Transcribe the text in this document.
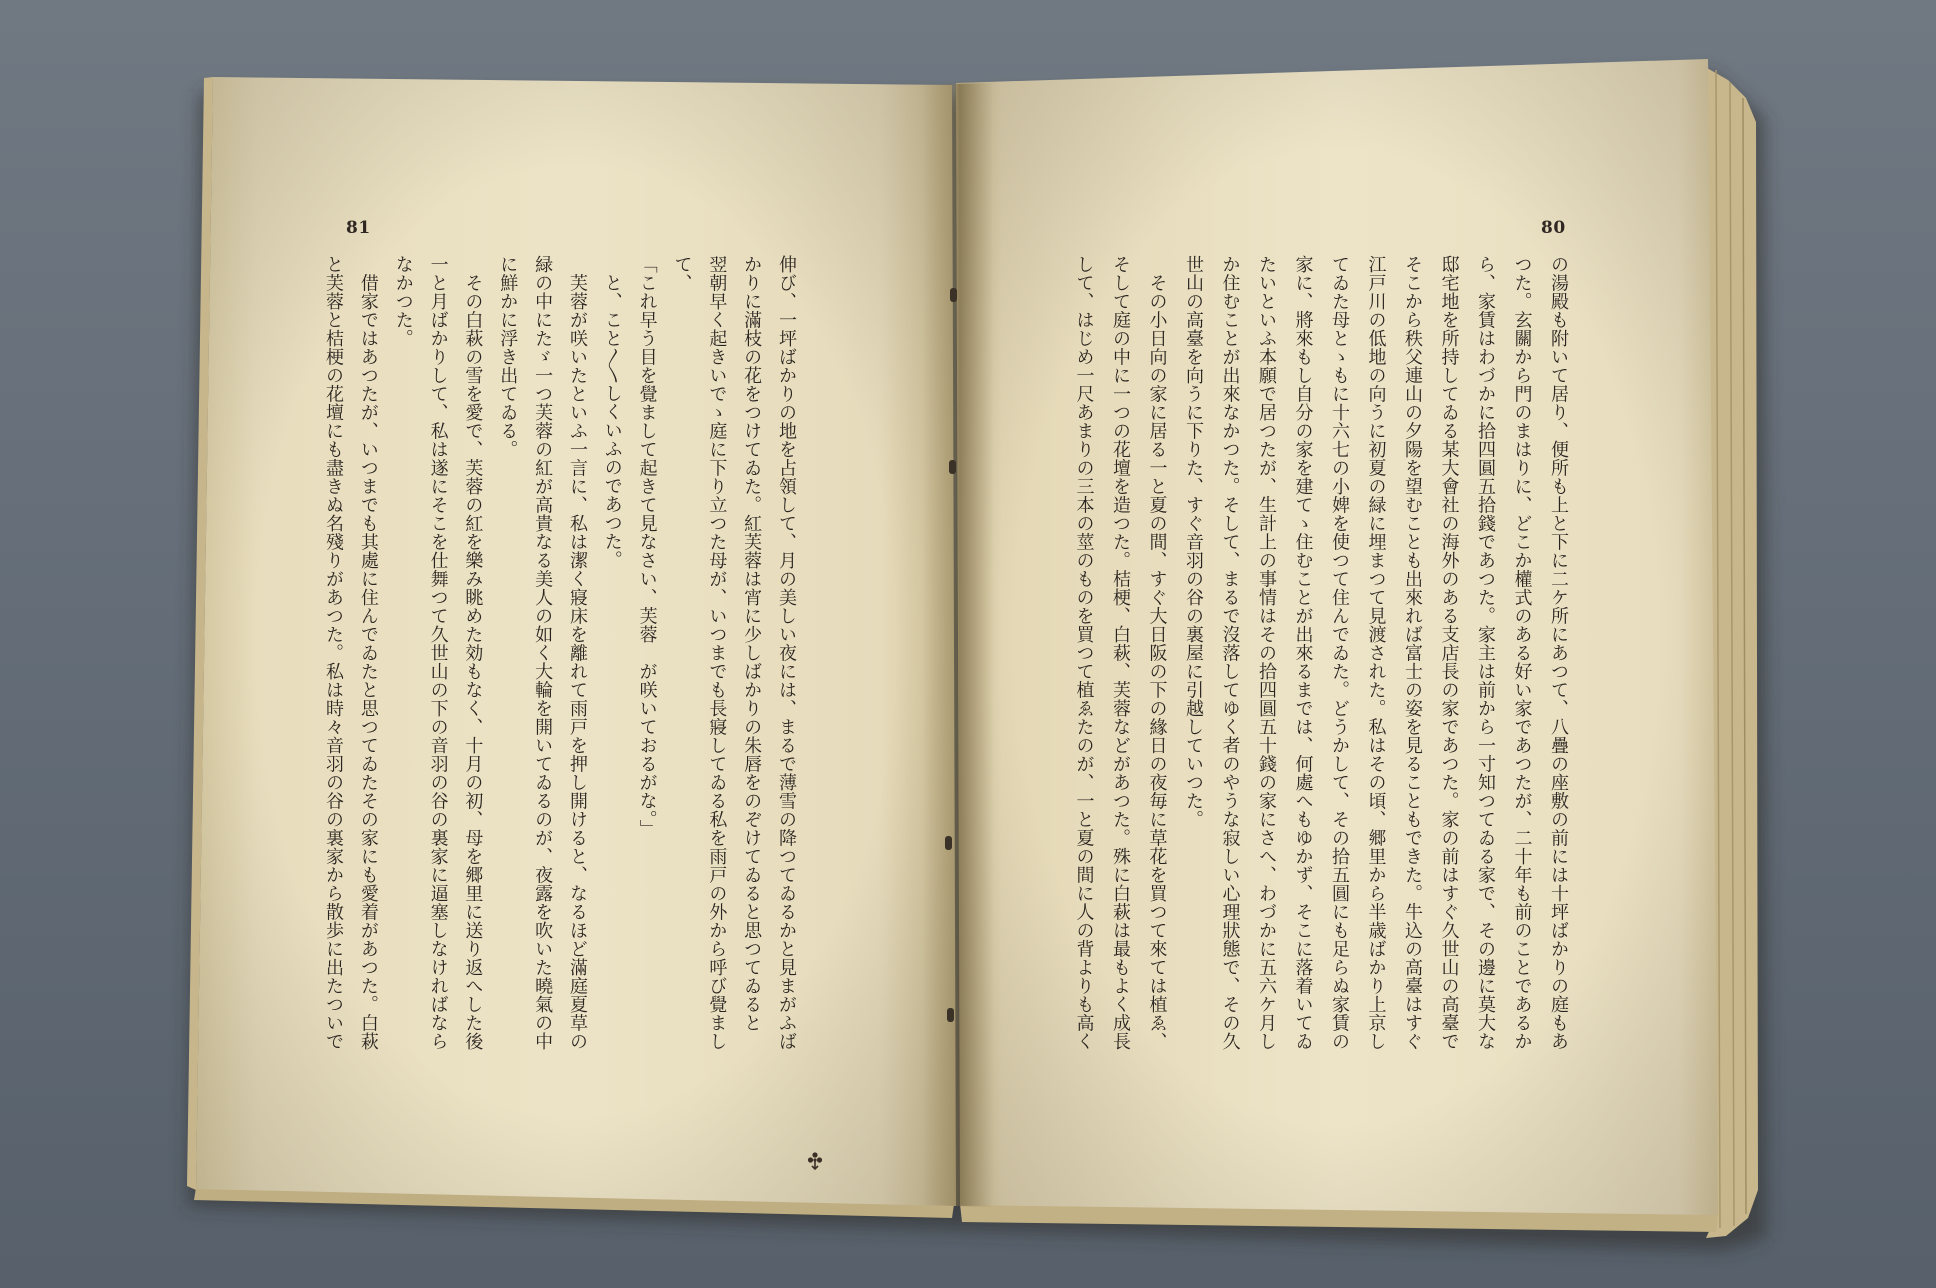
81	80
の湯殿も附いて居り、便所も上と下に二ケ所にあつて、八疊の座敷の前には十坪ばかりの庭もあ
つた。玄關から門のまはりに、どこか權式のある好い家であつたが、二十年も前のことであるか
ら、家賃はわづかに拾四圓五拾錢であつた。家主は前から一寸知つてゐる家で、その邊に莫大な
邸宅地を所持してゐる某大會社の海外のある支店長の家であつた。家の前はすぐ久世山の高臺で
そこから秩父連山の夕陽を望むことも出來れば富士の姿を見ることもできた。牛込の高臺はすぐ
江戸川の低地の向うに初夏の緑に埋まつて見渡された。私はその頃、郷里から半歳ばかり上京し
てゐた母とゝもに十六七の小婢を使つて住んでゐた。どうかして、その拾五圓にも足らぬ家賃の
家に、將來もし自分の家を建てゝ住むことが出來るまでは、何處へもゆかず、そこに落着いてゐ
たいといふ本願で居つたが、生計上の事情はその拾四圓五十錢の家にさへ、わづかに五六ケ月し
か住むことが出來なかつた。そして、まるで沒落してゆく者のやうな寂しい心理狀態で、その久
世山の高臺を向うに下りた、すぐ音羽の谷の裏屋に引越していつた。
　その小日向の家に居る一と夏の間、すぐ大日阪の下の緣日の夜毎に草花を買つて來ては植ゑ、
そして庭の中に一つの花壇を造つた。桔梗、白萩、芙蓉などがあつた。殊に白萩は最もよく成長
して、はじめ一尺あまりの三本の莖のものを買つて植ゑたのが、一と夏の間に人の背よりも高く
伸び、一坪ばかりの地を占領して、月の美しい夜には、まるで薄雪の降つてゐるかと見まがふば
かりに滿枝の花をつけてゐた。紅芙蓉は宵に少しばかりの朱唇をのぞけてゐると思つてゐると
翌朝早く起きいでゝ庭に下り立つた母が、いつまでも長寢してゐる私を雨戸の外から呼び覺まし
て、
「これ早う目を覺まして起きて見なさい、芙蓉　が咲いておるがな。」
　と、こと〳〵しくいふのであつた。
　芙蓉が咲いたといふ一言に、私は潔く寢床を離れて雨戸を押し開けると、なるほど滿庭夏草の
緑の中にたゞ一つ芙蓉の紅が高貴なる美人の如く大輪を開いてゐるのが、夜露を吹いた曉氣の中
に鮮かに浮き出てゐる。
　その白萩の雪を愛で、芙蓉の紅を樂み眺めた効もなく、十月の初、母を郷里に送り返へした後
一と月ばかりして、私は遂にそこを仕舞つて久世山の下の音羽の谷の裏家に逼塞しなければなら
なかつた。
　借家ではあつたが、いつまでも其處に住んでゐたと思つてゐたその家にも愛着があつた。白萩
と芙蓉と桔梗の花壇にも盡きぬ名殘りがあつた。私は時々音羽の谷の裏家から散歩に出たついで
